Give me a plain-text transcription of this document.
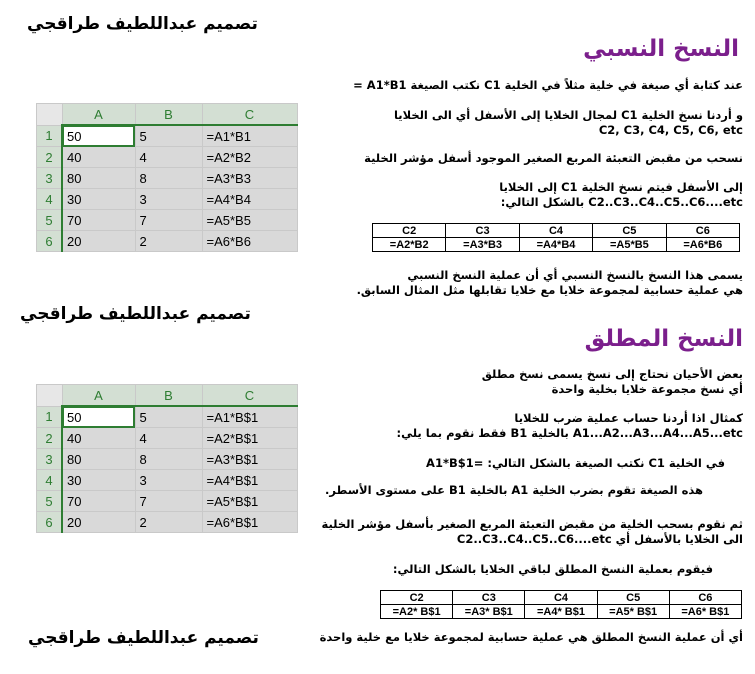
تصميم عبداللطيف طراقجي
تصميم عبداللطيف طراقجي
تصميم عبداللطيف طراقجي
النسخ النسبي
عند كتابة أي صيغة في خلية مثلاً في الخلية C1 نكتب الصيغة A1*B1 =
و أردنا نسخ الخلية C1 لمجال الخلايا إلى الأسفل أي الى الخلايا
C2, C3, C4, C5, C6, etc
نسحب من مقبض التعبئة المربع الصغير الموجود أسفل مؤشر الخلية
إلى الأسفل فيتم نسخ الخلية C1 إلى الخلايا
C2..C3..C4..C5..C6....etc بالشكل التالي:
C2	C3	C4	C5	C6
=A2*B2	=A3*B3	=A4*B4	=A5*B5	=A6*B6
يسمى هذا النسخ بالنسخ النسبي أي أن عملية النسخ النسبي
هي عملية حسابية لمجموعة خلايا مع خلايا تقابلها مثل المثال السابق.
النسخ المطلق
بعض الأحيان نحتاج إلى نسخ يسمى نسخ مطلق
أي نسخ مجموعة خلايا بخلية واحدة
كمثال اذا أردنا حساب عملية ضرب للخلايا
A1...A2...A3...A4...A5...etc بالخلية B1 فقط نقوم بما يلي:
في الخلية C1 نكتب الصيغة بالشكل التالي: =A1*B$1
هذه الصيغة تقوم بضرب الخلية A1 بالخلية B1 على مستوى الأسطر.
ثم نقوم بسحب الخلية من مقبض التعبئة المربع الصغير بأسفل مؤشر الخلية
الى الخلايا بالأسفل أي C2..C3..C4..C5..C6....etc
فيقوم بعملية النسخ المطلق لباقي الخلايا بالشكل التالي:
C2	C3	C4	C5	C6
=A2* B$1	=A3* B$1	=A4* B$1	=A5* B$1	=A6* B$1
أي أن عملية النسخ المطلق هي عملية حسابية لمجموعة خلايا مع خلية واحدة
	A	B	C
1	50	5	=A1*B1
2	40	4	=A2*B2
3	80	8	=A3*B3
4	30	3	=A4*B4
5	70	7	=A5*B5
6	20	2	=A6*B6
	A	B	C
1	50	5	=A1*B$1
2	40	4	=A2*B$1
3	80	8	=A3*B$1
4	30	3	=A4*B$1
5	70	7	=A5*B$1
6	20	2	=A6*B$1
